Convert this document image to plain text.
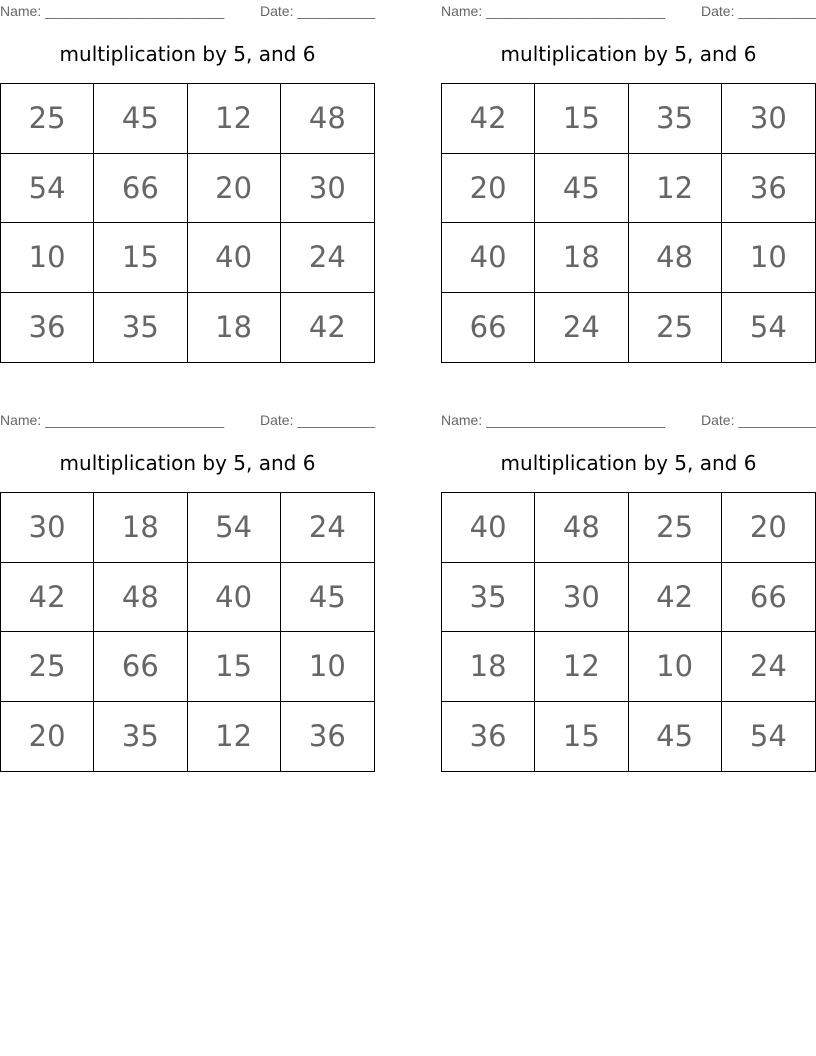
Name: _______________________	Date: __________
multiplication by 5, and 6
25	45	12	48
54	66	20	30
10	15	40	24
36	35	18	42
Name: _______________________	Date: __________
multiplication by 5, and 6
42	15	35	30
20	45	12	36
40	18	48	10
66	24	25	54
Name: _______________________	Date: __________
multiplication by 5, and 6
30	18	54	24
42	48	40	45
25	66	15	10
20	35	12	36
Name: _______________________	Date: __________
multiplication by 5, and 6
40	48	25	20
35	30	42	66
18	12	10	24
36	15	45	54
